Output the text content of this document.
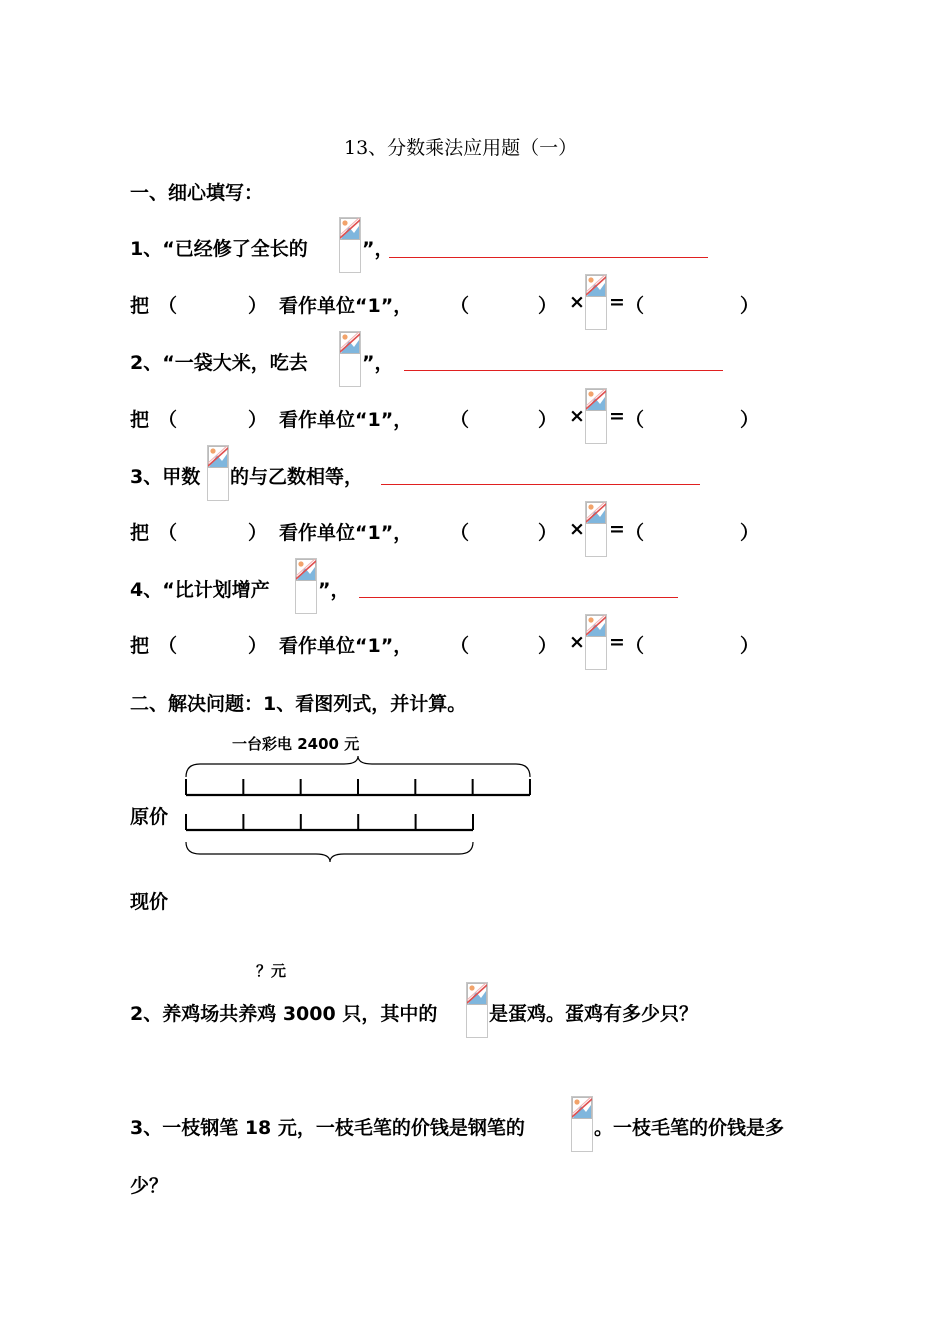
13、分数乘法应用题（一）
一、细心填写：
1、“已经修了全长的	”，
把 （	） 看作单位“1”， （	） × = （	）
2、“一袋大米，吃去	”，
把 （	） 看作单位“1”， （	） × = （	）
3、甲数 的与乙数相等，
把 （	） 看作单位“1”， （	） × = （	）
4、“比计划增产	”，
把 （	） 看作单位“1”， （	） × = （	）
二、解决问题：1、看图列式，并计算。
一台彩电 2400 元
原价
现价
？元
2、养鸡场共养鸡 3000 只，其中的	是蛋鸡。蛋鸡有多少只？
3、一枝钢笔 18 元，一枝毛笔的价钱是钢笔的	。一枝毛笔的价钱是多
少？
